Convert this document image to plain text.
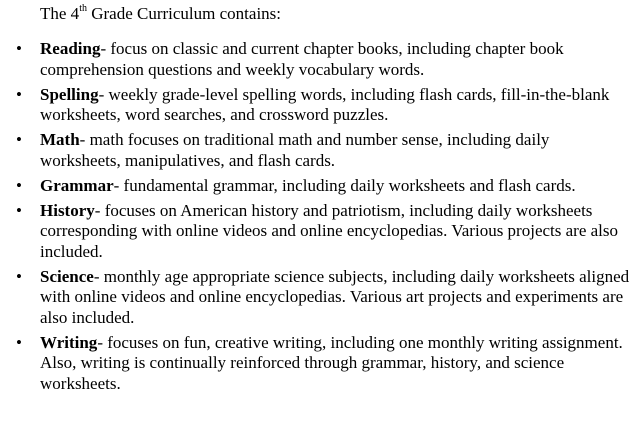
The 4th Grade Curriculum contains:
• Reading- focus on classic and current chapter books, including chapter book comprehension questions and weekly vocabulary words.
• Spelling- weekly grade-level spelling words, including flash cards, fill-in-the-blank worksheets, word searches, and crossword puzzles.
• Math- math focuses on traditional math and number sense, including daily worksheets, manipulatives, and flash cards.
• Grammar- fundamental grammar, including daily worksheets and flash cards.
• History- focuses on American history and patriotism, including daily worksheets corresponding with online videos and online encyclopedias. Various projects are also included.
• Science- monthly age appropriate science subjects, including daily worksheets aligned with online videos and online encyclopedias. Various art projects and experiments are also included.
• Writing- focuses on fun, creative writing, including one monthly writing assignment. Also, writing is continually reinforced through grammar, history, and science worksheets.
